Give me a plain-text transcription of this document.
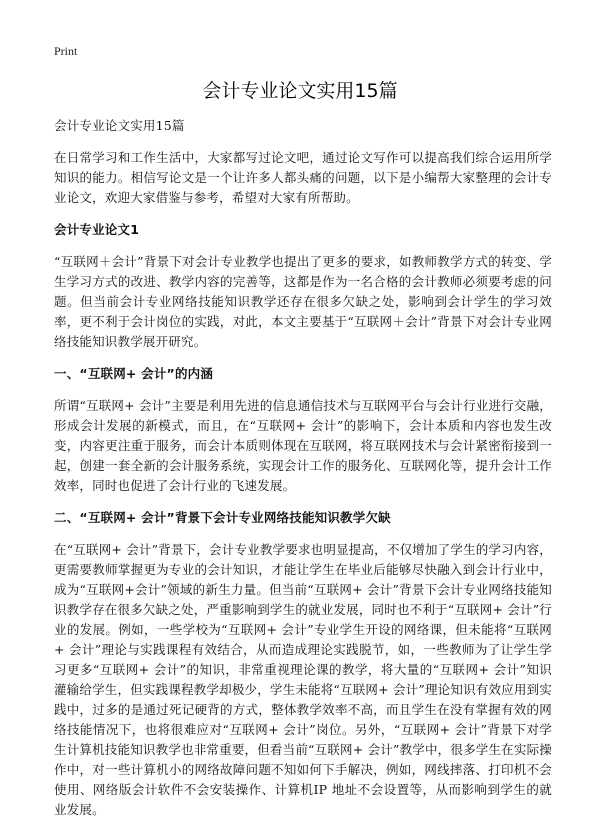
Print
会计专业论文实用15篇
会计专业论文实用15篇

在日常学习和工作生活中，大家都写过论文吧，通过论文写作可以提高我们综合运用所学知识的能力。相信写论文是一个让许多人都头痛的问题，以下是小编帮大家整理的会计专业论文，欢迎大家借鉴与参考，希望对大家有所帮助。

会计专业论文1

“互联网＋会计”背景下对会计专业教学也提出了更多的要求，如教师教学方式的转变、学生学习方式的改进、教学内容的完善等，这都是作为一名合格的会计教师必须要考虑的问题。但当前会计专业网络技能知识教学还存在很多欠缺之处，影响到会计学生的学习效率，更不利于会计岗位的实践，对此，本文主要基于“互联网＋会计”背景下对会计专业网络技能知识教学展开研究。

一、“互联网+ 会计”的内涵

所谓“互联网+ 会计”主要是利用先进的信息通信技术与互联网平台与会计行业进行交融，形成会计发展的新模式，而且，在“互联网+ 会计”的影响下，会计本质和内容也发生改变，内容更注重于服务，而会计本质则体现在互联网，将互联网技术与会计紧密衔接到一起，创建一套全新的会计服务系统，实现会计工作的服务化、互联网化等，提升会计工作效率，同时也促进了会计行业的飞速发展。

二、“互联网+ 会计”背景下会计专业网络技能知识教学欠缺

在“互联网+ 会计”背景下，会计专业教学要求也明显提高，不仅增加了学生的学习内容，更需要教师掌握更为专业的会计知识，才能让学生在毕业后能够尽快融入到会计行业中，成为“互联网+会计”领域的新生力量。但当前“互联网+ 会计”背景下会计专业网络技能知识教学存在很多欠缺之处，严重影响到学生的就业发展，同时也不利于“互联网+ 会计”行业的发展。例如，一些学校为“互联网+ 会计”专业学生开设的网络课，但未能将“互联网+ 会计”理论与实践课程有效结合，从而造成理论实践脱节，如，一些教师为了让学生学习更多“互联网+ 会计”的知识，非常重视理论课的教学，将大量的“互联网+ 会计”知识灌输给学生，但实践课程教学却极少，学生未能将“互联网+ 会计”理论知识有效应用到实践中，过多的是通过死记硬背的方式，整体教学效率不高，而且学生在没有掌握有效的网络技能情况下，也将很难应对“互联网+ 会计”岗位。另外，“互联网+ 会计”背景下对学生计算机技能知识教学也非常重要，但看当前“互联网+ 会计”教学中，很多学生在实际操作中，对一些计算机小的网络故障问题不知如何下手解决，例如，网线摔落、打印机不会使用、网络版会计软件不会安装操作、计算机IP 地址不会设置等，从而影响到学生的就业发展。
